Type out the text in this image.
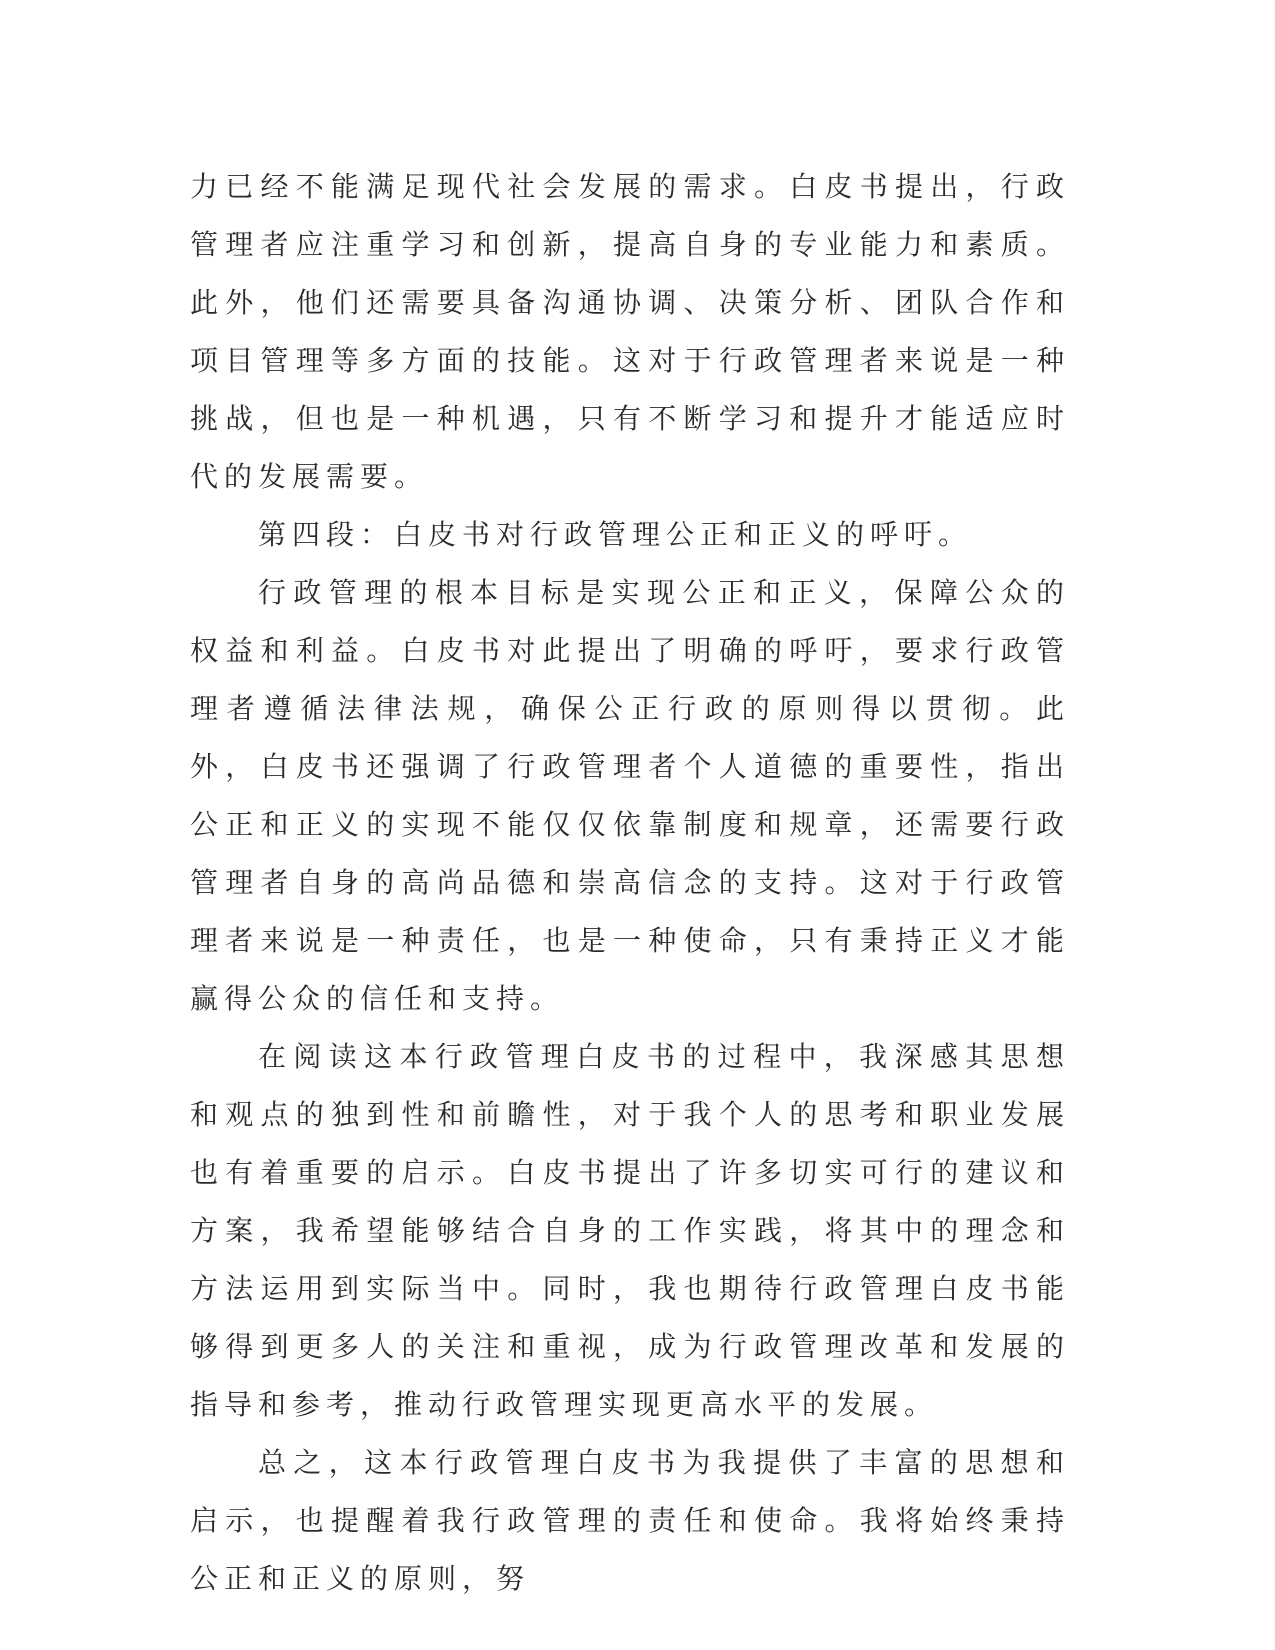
力已经不能满足现代社会发展的需求。白皮书提出，行政管理者应注重学习和创新，提高自身的专业能力和素质。此外，他们还需要具备沟通协调、决策分析、团队合作和项目管理等多方面的技能。这对于行政管理者来说是一种挑战，但也是一种机遇，只有不断学习和提升才能适应时代的发展需要。

第四段：白皮书对行政管理公正和正义的呼吁。

行政管理的根本目标是实现公正和正义，保障公众的权益和利益。白皮书对此提出了明确的呼吁，要求行政管理者遵循法律法规，确保公正行政的原则得以贯彻。此外，白皮书还强调了行政管理者个人道德的重要性，指出公正和正义的实现不能仅仅依靠制度和规章，还需要行政管理者自身的高尚品德和崇高信念的支持。这对于行政管理者来说是一种责任，也是一种使命，只有秉持正义才能赢得公众的信任和支持。

在阅读这本行政管理白皮书的过程中，我深感其思想和观点的独到性和前瞻性，对于我个人的思考和职业发展也有着重要的启示。白皮书提出了许多切实可行的建议和方案，我希望能够结合自身的工作实践，将其中的理念和方法运用到实际当中。同时，我也期待行政管理白皮书能够得到更多人的关注和重视，成为行政管理改革和发展的指导和参考，推动行政管理实现更高水平的发展。

总之，这本行政管理白皮书为我提供了丰富的思想和启示，也提醒着我行政管理的责任和使命。我将始终秉持公正和正义的原则，努
